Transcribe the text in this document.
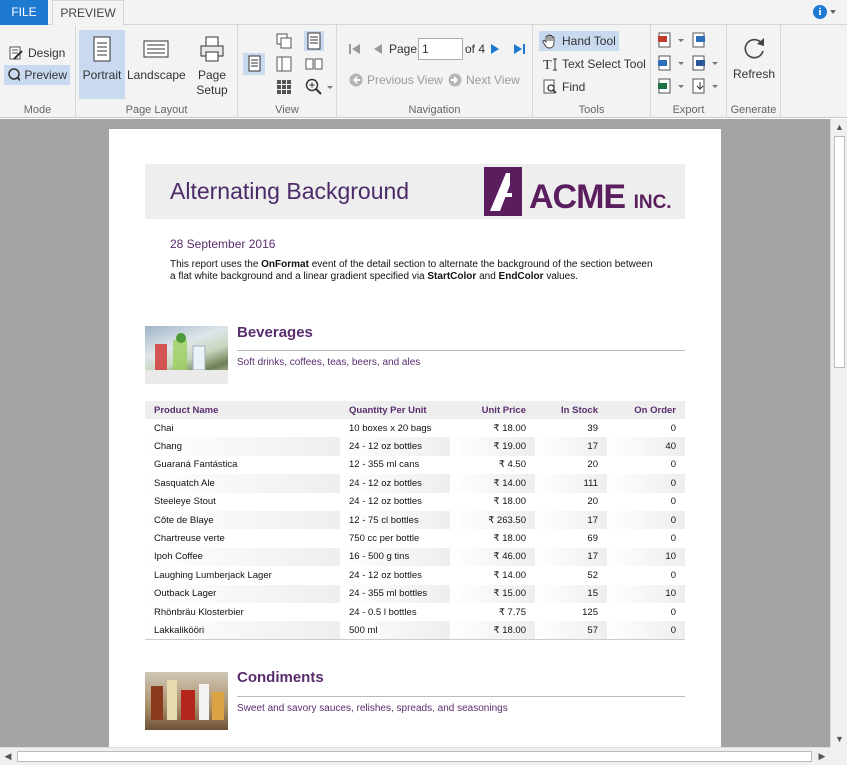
FILE	PREVIEW	i
Design
Preview
Mode
Portrait Landscape	Page Setup
Page Layout	View
Page
1	of 4
Previous View Next View
Navigation
Hand Tool
T Text Select Tool
Find
Tools	Export
Refresh
Generate
Alternating Background	ACME INC.
28 September 2016
This report uses the OnFormat event of the detail section to alternate the background of the section between a flat white background and a linear gradient specified via StartColor and EndColor values.
Beverages
Soft drinks, coffees, teas, beers, and ales
Product Name	Quantity Per Unit	Unit Price	In Stock	On Order
Chai	10 boxes x 20 bags	₹ 18.00	39	0
Chang	24 - 12 oz bottles	₹ 19.00	17	40
Guaraná Fantástica	12 - 355 ml cans	₹ 4.50	20	0
Sasquatch Ale	24 - 12 oz bottles	₹ 14.00	111	0
Steeleye Stout	24 - 12 oz bottles	₹ 18.00	20	0
Côte de Blaye	12 - 75 cl bottles	₹ 263.50	17	0
Chartreuse verte	750 cc per bottle	₹ 18.00	69	0
Ipoh Coffee	16 - 500 g tins	₹ 46.00	17	10
Laughing Lumberjack Lager	24 - 12 oz bottles	₹ 14.00	52	0
Outback Lager	24 - 355 ml bottles	₹ 15.00	15	10
Rhönbräu Klosterbier	24 - 0.5 l bottles	₹ 7.75	125	0
Lakkalikööri	500 ml	₹ 18.00	57	0
Condiments
Sweet and savory sauces, relishes, spreads, and seasonings
▲
▼
◀	▶
